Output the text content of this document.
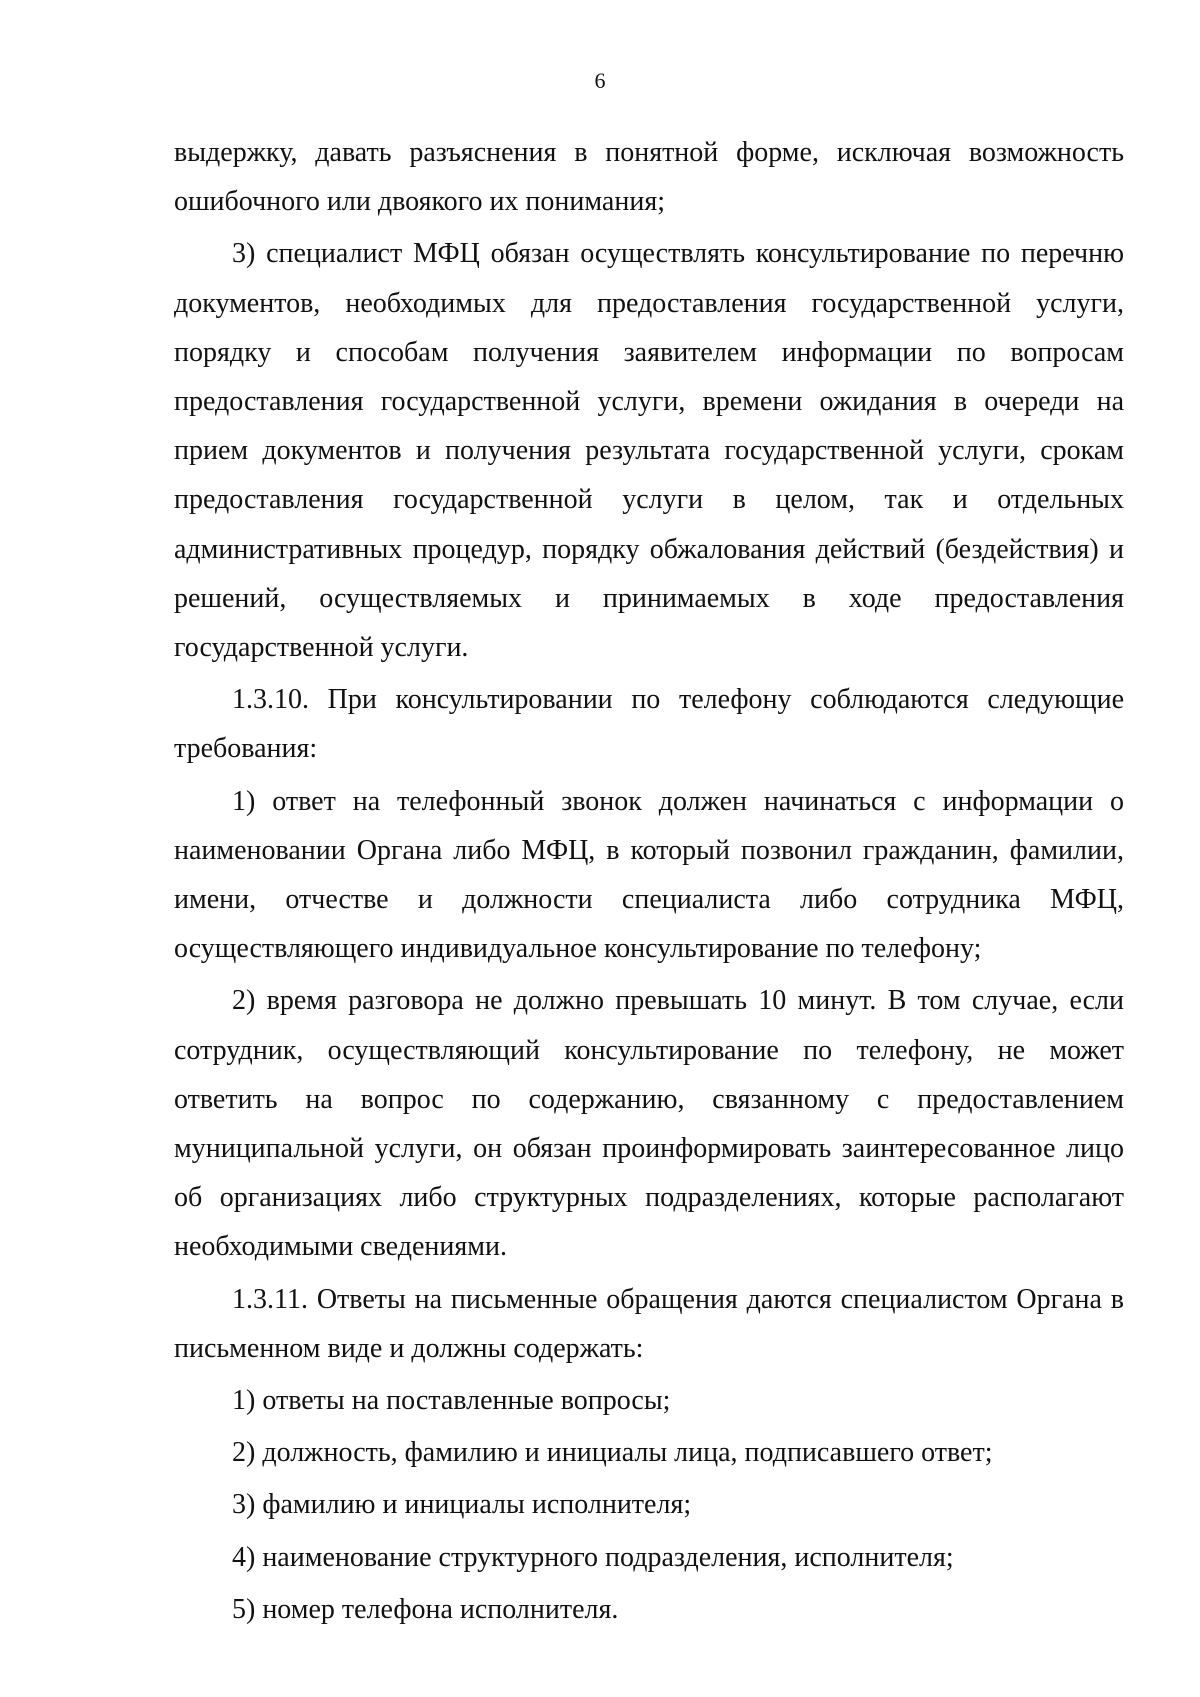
6

выдержку, давать разъяснения в понятной форме, исключая возможность ошибочного или двоякого их понимания;

3) специалист МФЦ обязан осуществлять консультирование по перечню документов, необходимых для предоставления государственной услуги, порядку и способам получения заявителем информации по вопросам предоставления государственной услуги, времени ожидания в очереди на прием документов и получения результата государственной услуги, срокам предоставления государственной услуги в целом, так и отдельных административных процедур, порядку обжалования действий (бездействия) и решений, осуществляемых и принимаемых в ходе предоставления государственной услуги.

1.3.10. При консультировании по телефону соблюдаются следующие требования:

1) ответ на телефонный звонок должен начинаться с информации о наименовании Органа либо МФЦ, в который позвонил гражданин, фамилии, имени, отчестве и должности специалиста либо сотрудника МФЦ, осуществляющего индивидуальное консультирование по телефону;

2) время разговора не должно превышать 10 минут. В том случае, если сотрудник, осуществляющий консультирование по телефону, не может ответить на вопрос по содержанию, связанному с предоставлением муниципальной услуги, он обязан проинформировать заинтересованное лицо об организациях либо структурных подразделениях, которые располагают необходимыми сведениями.

1.3.11. Ответы на письменные обращения даются специалистом Органа в письменном виде и должны содержать:

1) ответы на поставленные вопросы;

2) должность, фамилию и инициалы лица, подписавшего ответ;

3) фамилию и инициалы исполнителя;

4) наименование структурного подразделения, исполнителя;

5) номер телефона исполнителя.
